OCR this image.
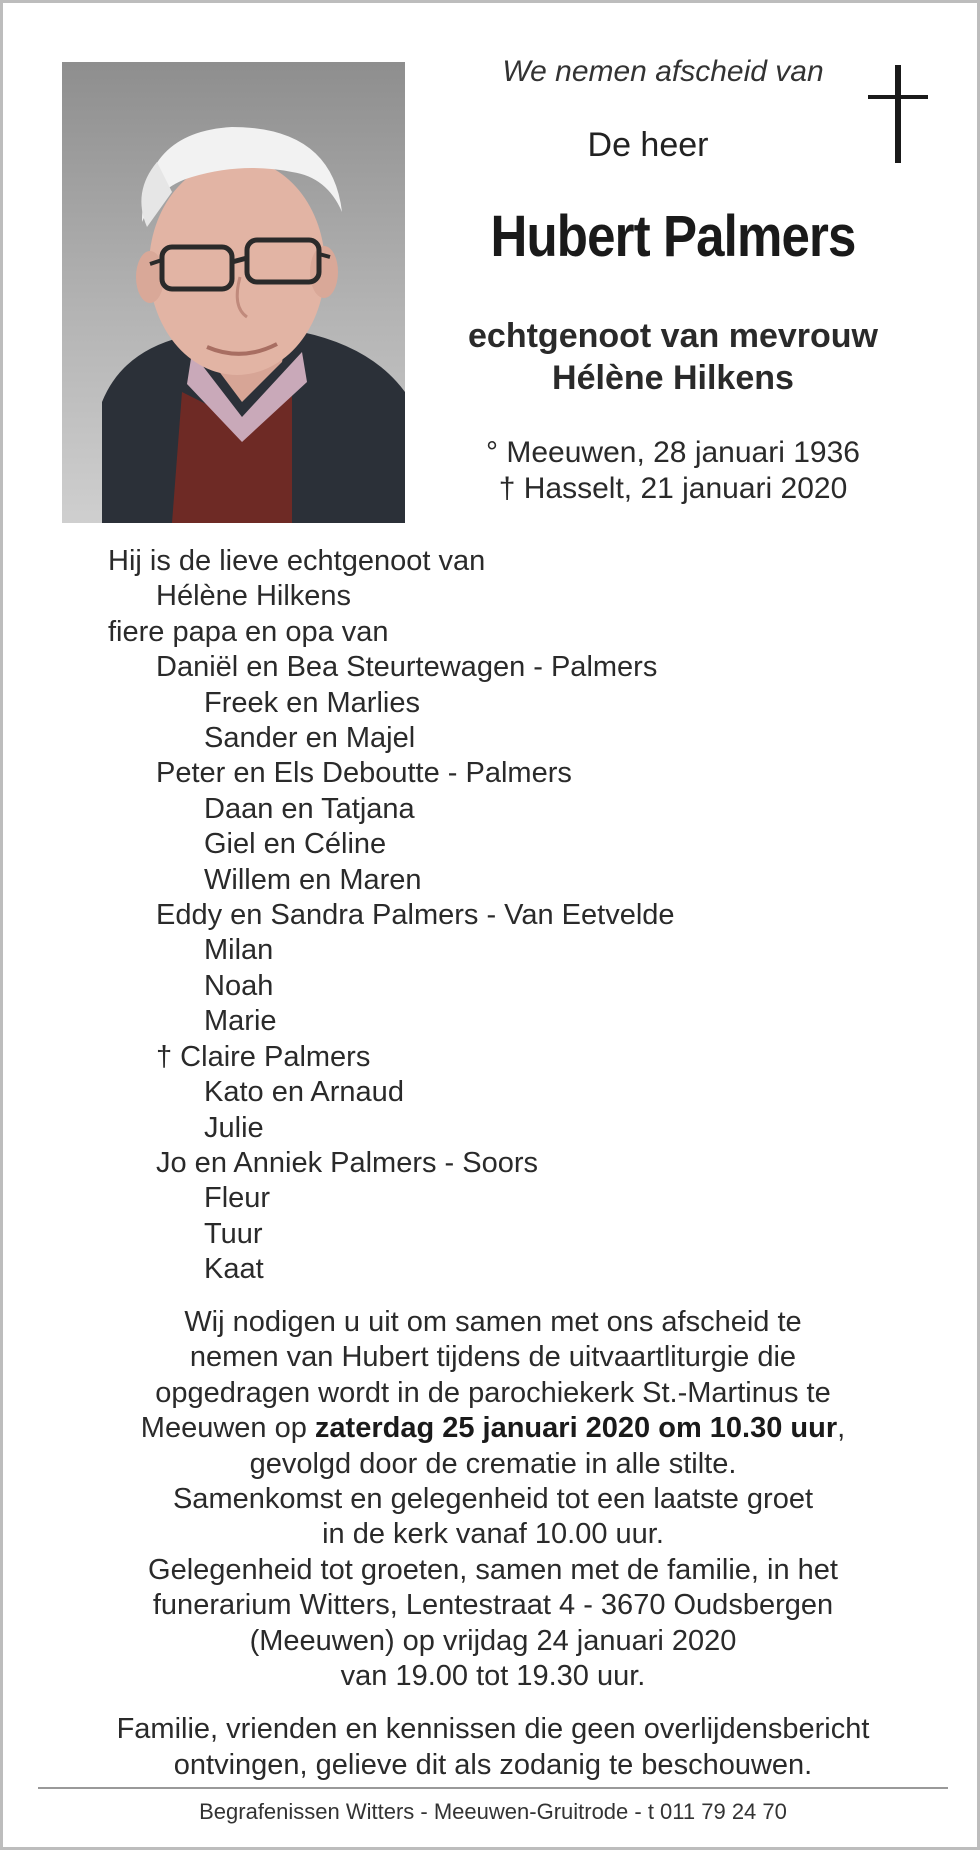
We nemen afscheid van
De heer
Hubert Palmers
echtgenoot van mevrouw
Hélène Hilkens
° Meeuwen, 28 januari 1936
† Hasselt, 21 januari 2020
Hij is de lieve echtgenoot van
Hélène Hilkens
fiere papa en opa van
Daniël en Bea Steurtewagen - Palmers
Freek en Marlies
Sander en Majel
Peter en Els Deboutte - Palmers
Daan en Tatjana
Giel en Céline
Willem en Maren
Eddy en Sandra Palmers - Van Eetvelde
Milan
Noah
Marie
† Claire Palmers
Kato en Arnaud
Julie
Jo en Anniek Palmers - Soors
Fleur
Tuur
Kaat
Wij nodigen u uit om samen met ons afscheid te
nemen van Hubert tijdens de uitvaartliturgie die
opgedragen wordt in de parochiekerk St.-Martinus te
Meeuwen op zaterdag 25 januari 2020 om 10.30 uur,
gevolgd door de crematie in alle stilte.
Samenkomst en gelegenheid tot een laatste groet
in de kerk vanaf 10.00 uur.
Gelegenheid tot groeten, samen met de familie, in het
funerarium Witters, Lentestraat 4 - 3670 Oudsbergen
(Meeuwen) op vrijdag 24 januari 2020
van 19.00 tot 19.30 uur.
Familie, vrienden en kennissen die geen overlijdensbericht
ontvingen, gelieve dit als zodanig te beschouwen.
Begrafenissen Witters - Meeuwen-Gruitrode - t 011 79 24 70
